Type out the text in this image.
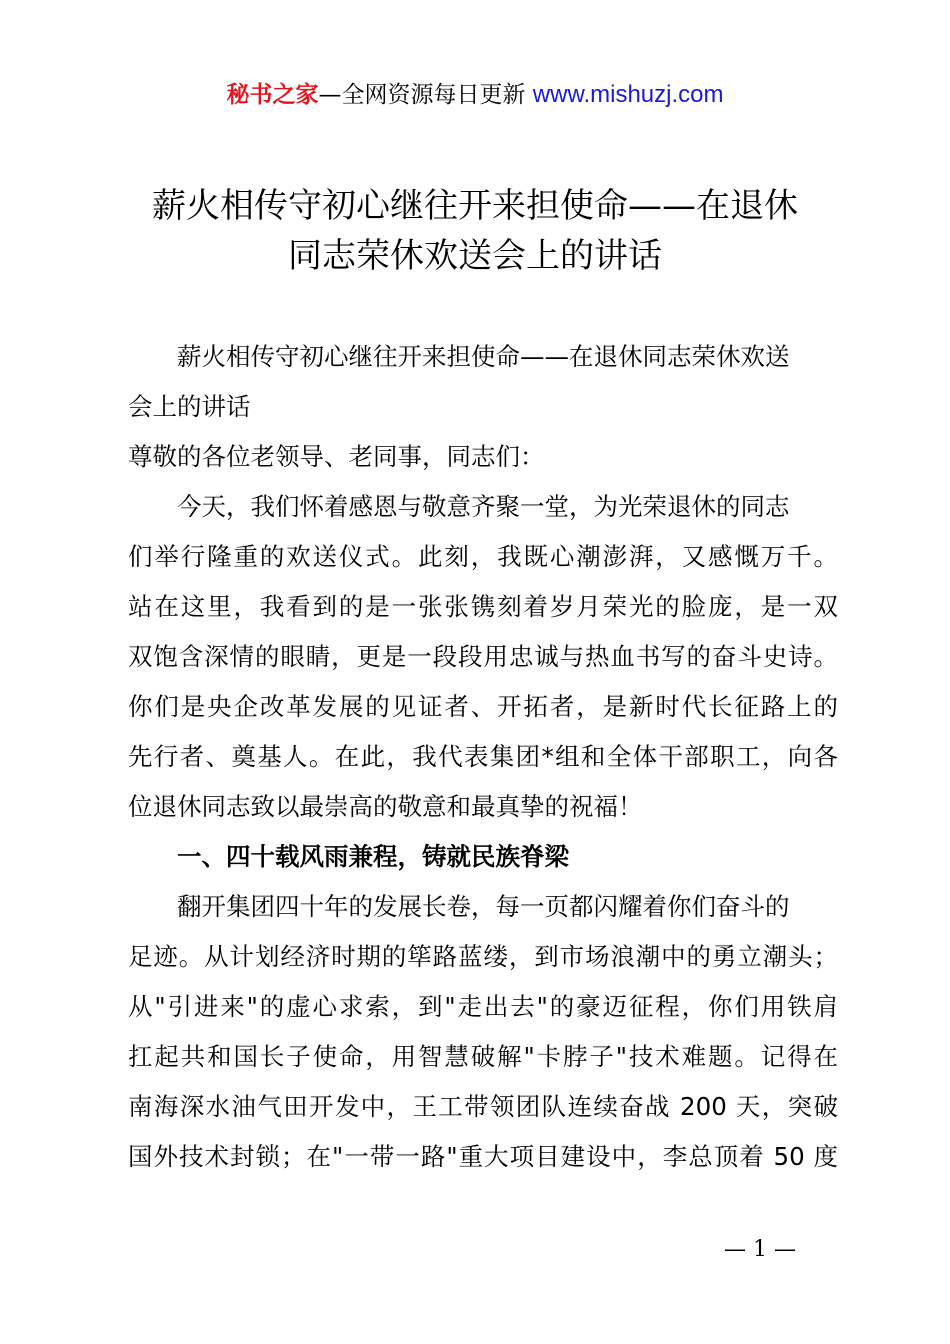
秘书之家—全网资源每日更新 www.mishuzj.com
薪火相传守初心继往开来担使命——在退休
同志荣休欢送会上的讲话

薪火相传守初心继往开来担使命——在退休同志荣休欢送
会上的讲话

尊敬的各位老领导、老同事，同志们：

今天，我们怀着感恩与敬意齐聚一堂，为光荣退休的同志
们举行隆重的欢送仪式。此刻，我既心潮澎湃，又感慨万千。
站在这里，我看到的是一张张镌刻着岁月荣光的脸庞，是一双
双饱含深情的眼睛，更是一段段用忠诚与热血书写的奋斗史诗。
你们是央企改革发展的见证者、开拓者，是新时代长征路上的
先行者、奠基人。在此，我代表集团*组和全体干部职工，向各
位退休同志致以最崇高的敬意和最真挚的祝福！

一、四十载风雨兼程，铸就民族脊梁

翻开集团四十年的发展长卷，每一页都闪耀着你们奋斗的
足迹。从计划经济时期的筚路蓝缕，到市场浪潮中的勇立潮头；
从"引进来"的虚心求索，到"走出去"的豪迈征程，你们用铁肩
扛起共和国长子使命，用智慧破解"卡脖子"技术难题。记得在
南海深水油气田开发中，王工带领团队连续奋战 200 天，突破
国外技术封锁；在"一带一路"重大项目建设中，李总顶着 50 度

— 1 —
